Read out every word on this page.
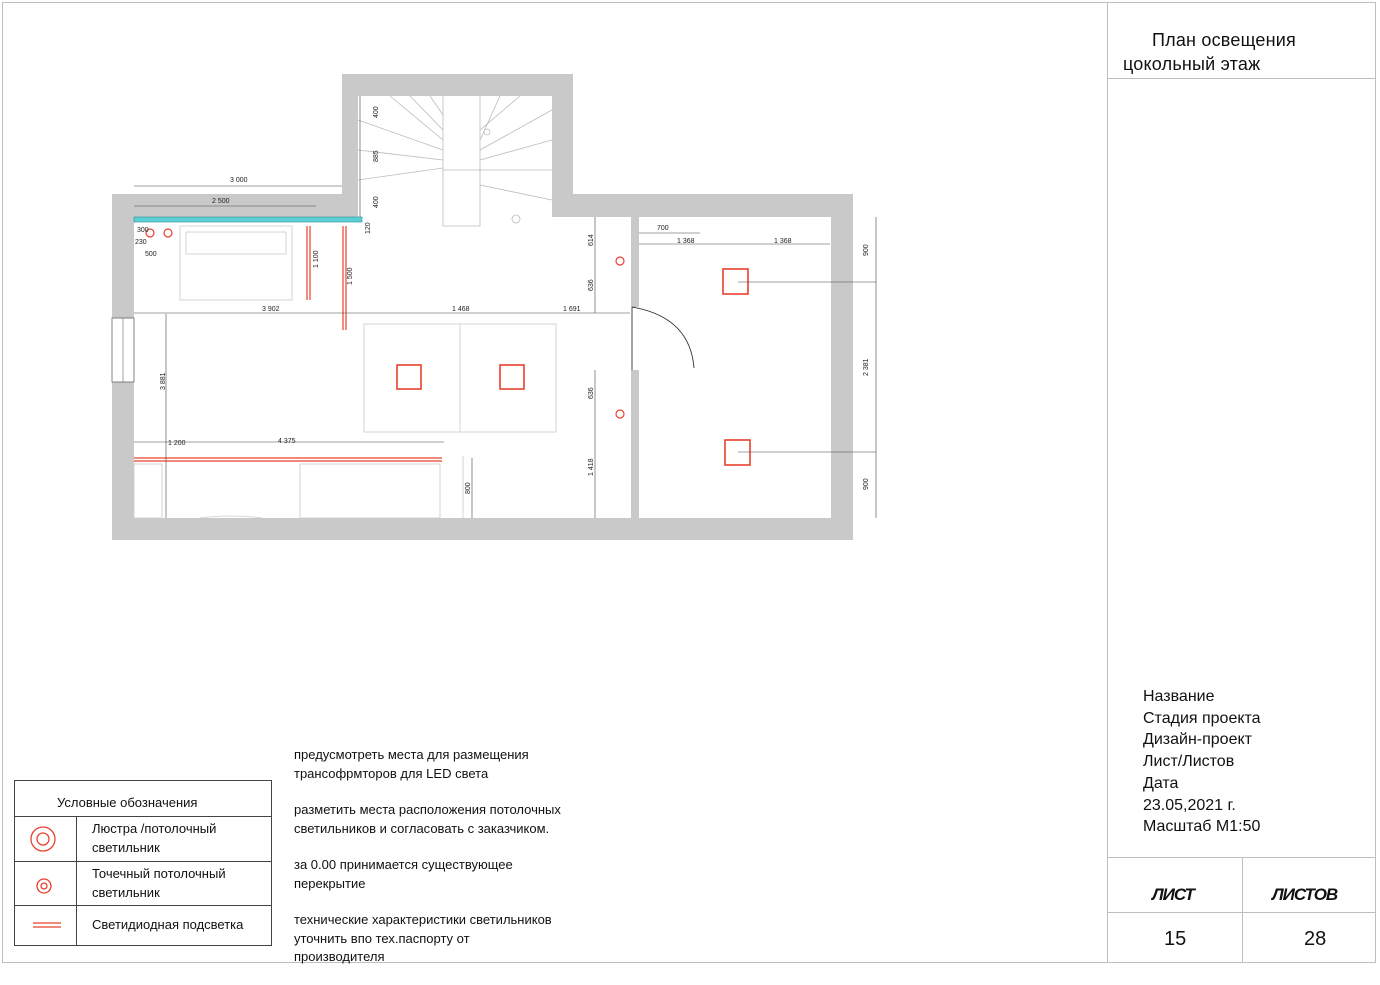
План освещения
цокольный этаж
Название
Стадия проекта
Дизайн-проект
Лист/Листов
Дата
23.05,2021 г.
Масштаб М1:50
ЛИСТ	ЛИСТОВ
15	28

предусмотреть места для размещения
трансофрмторов для LED света

разметить места расположения потолочных
светильников и согласовать с заказчиком.

за 0.00 принимается существующее
перекрытие

технические характеристики светильников
уточнить впо тех.паспорту от
производителя

Условные обозначения
Люстра /потолочный
светильник
Точечный потолочный
светильник
Светидиодная подсветка
3 000
2 500
300
230
500
3 902	1 468	1 691
1 200	4 375
700
1 368	1 368
120
1 100
1 500
400
885
400
614
636
636
1 418
3 881
800
900
2 381
900
